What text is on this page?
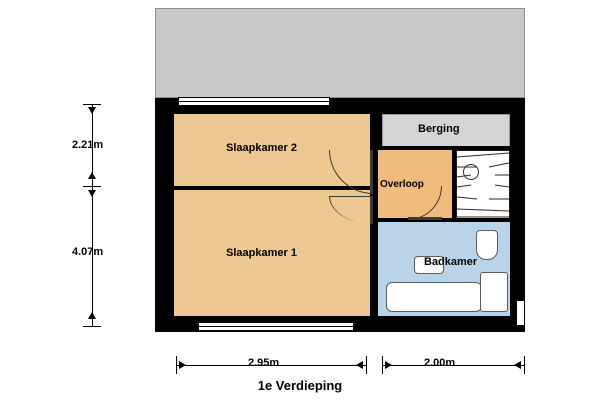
Slaapkamer 2
Slaapkamer 1
Berging
Overloop
Badkamer
2.21m
4.07m
2.95m	2.00m
1e Verdieping
